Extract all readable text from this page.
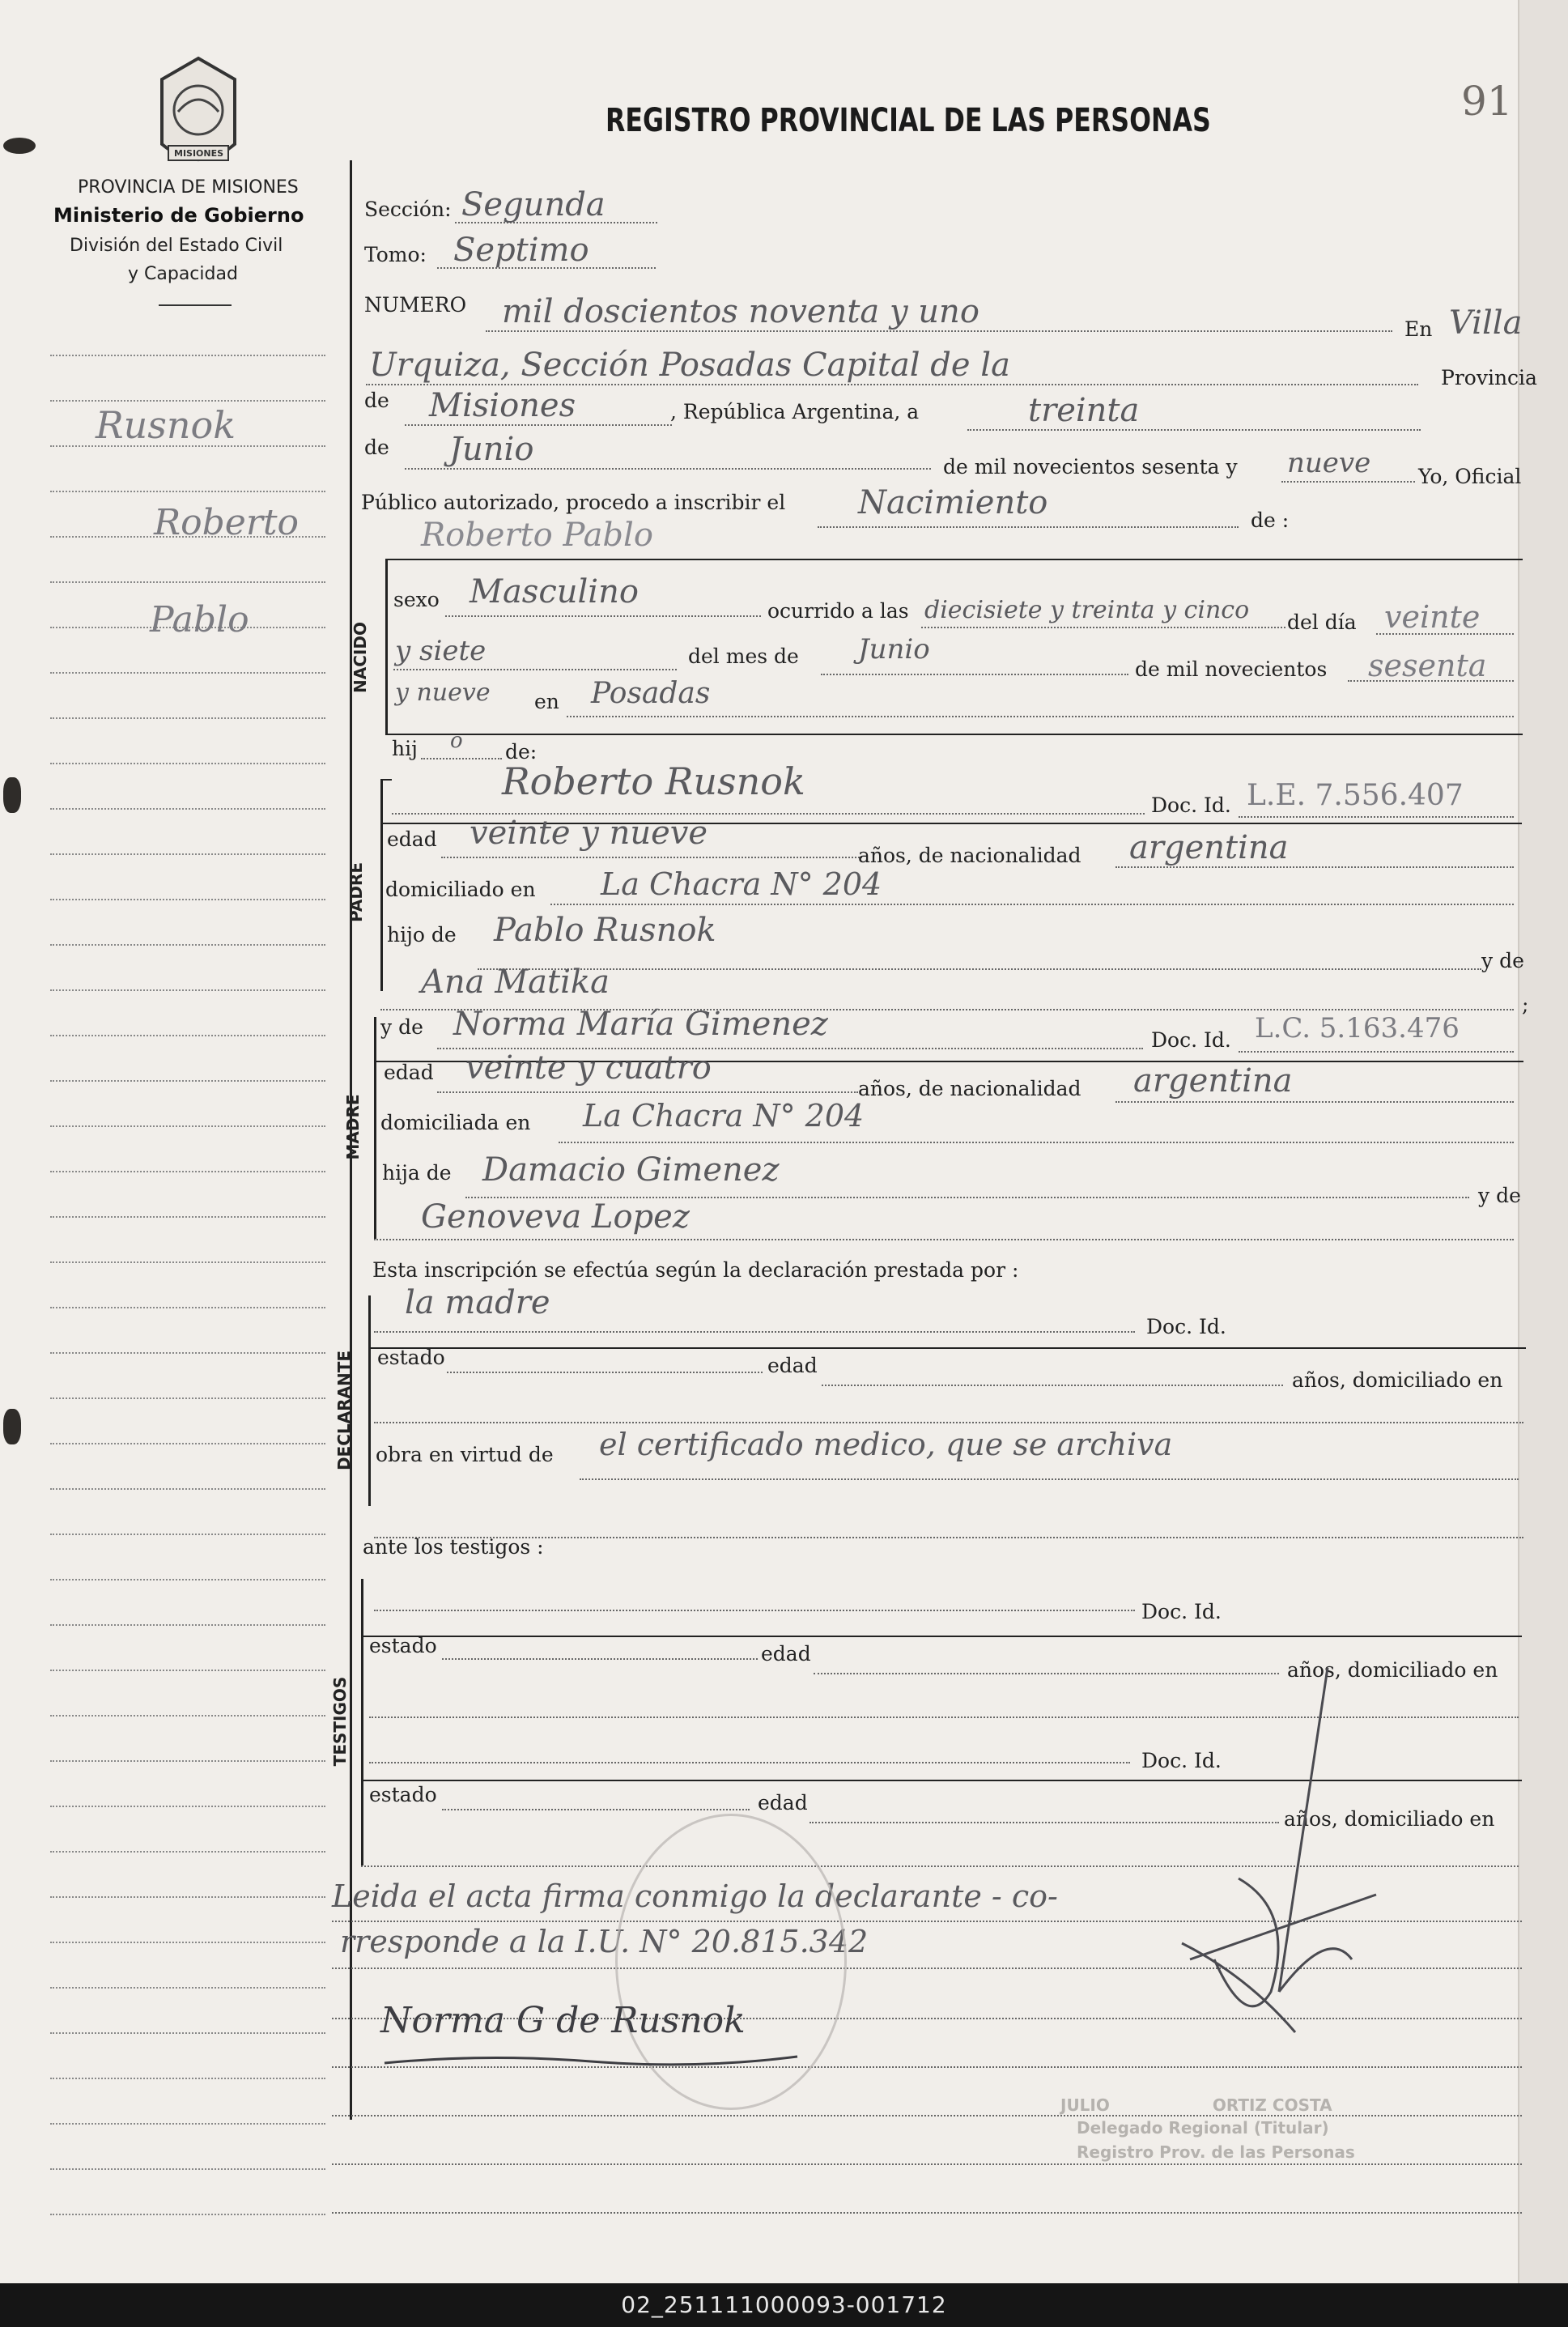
MISIONES
PROVINCIA DE MISIONES
Ministerio de Gobierno
División del Estado Civil
y Capacidad
REGISTRO PROVINCIAL DE LAS PERSONAS	91
Rusnok
Roberto
Pablo
Sección: Segunda
Tomo: Septimo
NUMERO mil doscientos noventa y uno	En Villa
Urquiza, Sección Posadas Capital de la	Provincia
de Misiones	, República Argentina, a	treinta
de Junio	de mil novecientos sesenta y nueve Yo, Oficial
Público autorizado, procedo a inscribir el Nacimiento	de :
Roberto Pablo
NACIDO
sexo Masculino
ocurrido a las diecisiete y treinta y cinco del día veinte
y siete	del mes de Junio
de mil novecientos sesenta
y nueve en Posadas
hij o de:
PADRE
Roberto Rusnok
Doc. Id. L.E. 7.556.407
edad veinte y nueve
años, de nacionalidad argentina
domiciliado en La Chacra N° 204
hijo de Pablo Rusnok
y de
Ana Matika
;
MADRE
y de Norma María Gimenez	Doc. Id. L.C. 5.163.476
edad veinte y cuatro
años, de nacionalidad argentina
domiciliada en La Chacra N° 204
hija de Damacio Gimenez
y de
Genoveva Lopez
Esta inscripción se efectúa según la declaración prestada por :
DECLARANTE
la madre
Doc. Id.
estado	edad
años, domiciliado en
obra en virtud de el certificado medico, que se archiva
ante los testigos :
TESTIGOS
Doc. Id.
estado	edad
años, domiciliado en
Doc. Id.
estado	edad
años, domiciliado en
Leida el acta firma conmigo la declarante - co-
rresponde a la I.U. N° 20.815.342
Norma G de Rusnok
JULIO	ORTIZ COSTA
Delegado Regional (Titular)
Registro Prov. de las Personas
02_251111000093-001712
